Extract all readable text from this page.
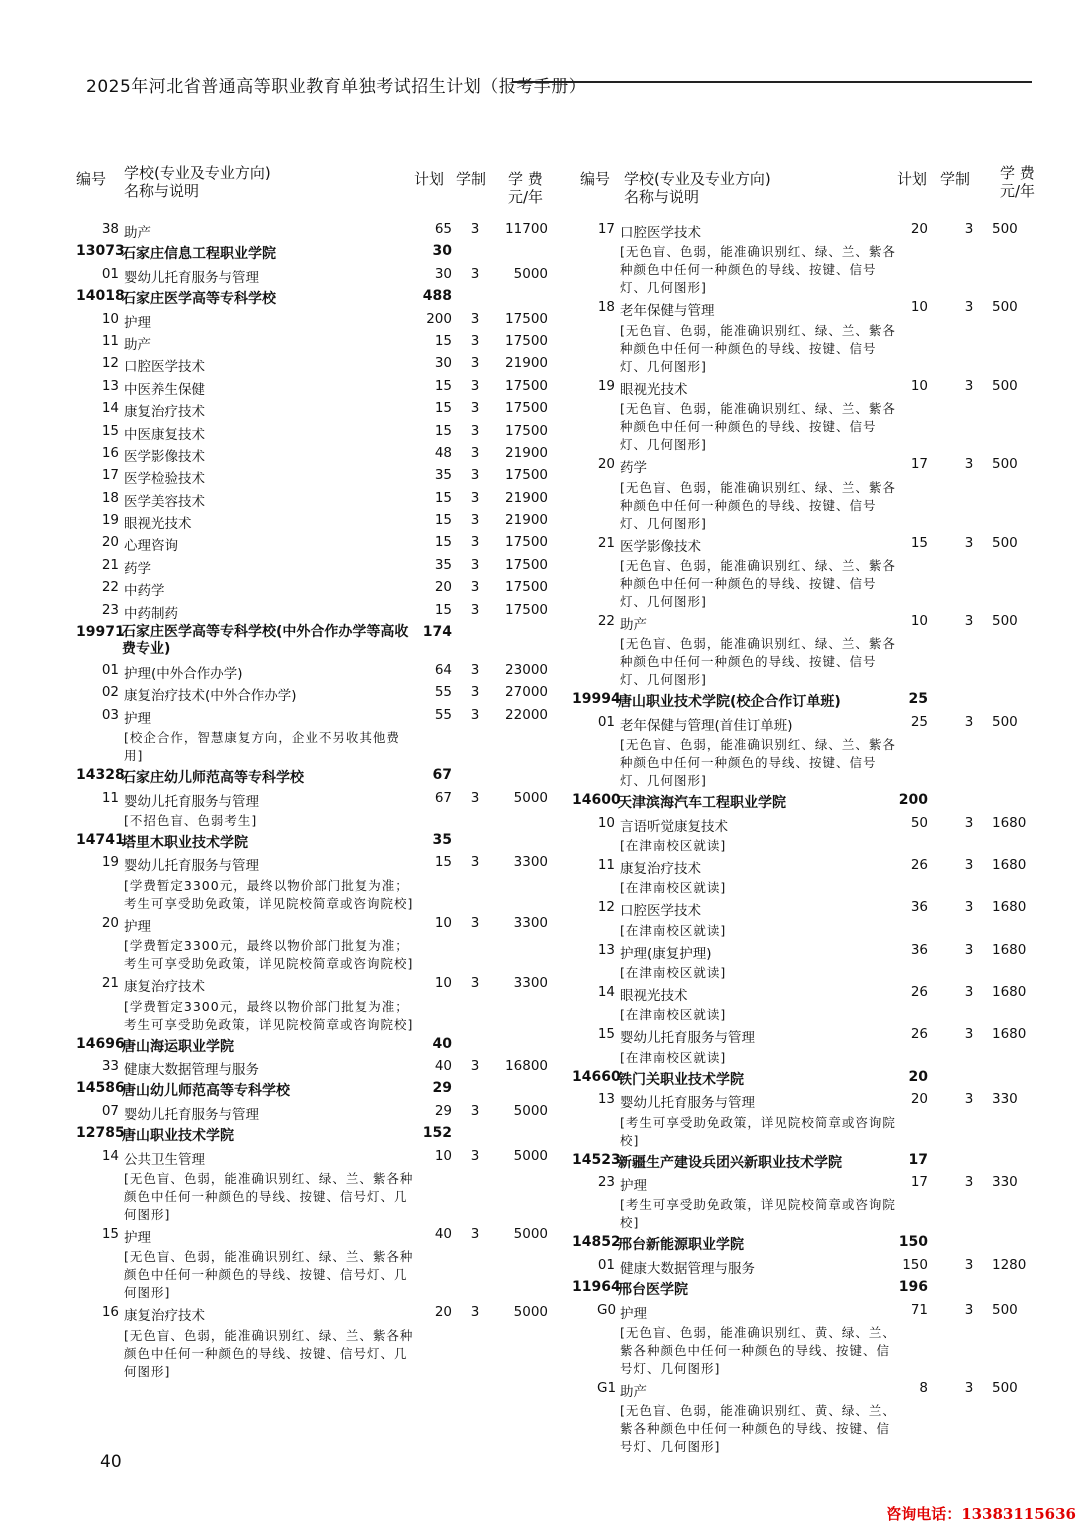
2025年河北省普通高等职业教育单独考试招生计划（报考手册）
编号 学校(专业及专业方向)
名称与说明
计划 学制 学 费
元/年
38 助产	65 3	11700
13073
石家庄信息工程职业学院	30
01 婴幼儿托育服务与管理	30 3	5000
14018
石家庄医学高等专科学校	488
10 护理	200 3	17500
11 助产	15 3	17500
12 口腔医学技术	30 3	21900
13 中医养生保健	15 3	17500
14 康复治疗技术	15 3	17500
15 中医康复技术	15 3	17500
16 医学影像技术	48 3	21900
17 医学检验技术	35 3	17500
18 医学美容技术	15 3	21900
19 眼视光技术	15 3	21900
20 心理咨询	15 3	17500
21 药学	35 3	17500
22 中药学	20 3	17500
23 中药制药	15 3	17500
19971
石家庄医学高等专科学校(中外合作办学等高收费专业)
174
01 护理(中外合作办学)	64 3	23000
02 康复治疗技术(中外合作办学)	55 3	27000
03 护理	55 3	22000
[校企合作，智慧康复方向，企业不另收其他费用]
14328
石家庄幼儿师范高等专科学校	67
11 婴幼儿托育服务与管理	67 3	5000
[不招色盲、色弱考生]
14741
塔里木职业技术学院	35
19 婴幼儿托育服务与管理	15 3	3300
[学费暂定3300元，最终以物价部门批复为准；考生可享受助免政策，详见院校简章或咨询院校]
20 护理	10 3	3300
[学费暂定3300元，最终以物价部门批复为准；考生可享受助免政策，详见院校简章或咨询院校]
21 康复治疗技术	10 3	3300
[学费暂定3300元，最终以物价部门批复为准；考生可享受助免政策，详见院校简章或咨询院校]
14696
唐山海运职业学院	40
33 健康大数据管理与服务	40 3	16800
14586
唐山幼儿师范高等专科学校	29
07 婴幼儿托育服务与管理	29 3	5000
12785
唐山职业技术学院	152
14 公共卫生管理	10 3	5000
[无色盲、色弱，能准确识别红、绿、兰、紫各种颜色中任何一种颜色的导线、按键、信号灯、几何图形]
15 护理	40 3	5000
[无色盲、色弱，能准确识别红、绿、兰、紫各种颜色中任何一种颜色的导线、按键、信号灯、几何图形]
16 康复治疗技术	20 3	5000
[无色盲、色弱，能准确识别红、绿、兰、紫各种颜色中任何一种颜色的导线、按键、信号灯、几何图形]
编号 学校(专业及专业方向)
名称与说明
计划 学制 学 费
元/年
17 口腔医学技术	20	3 500
[无色盲、色弱，能准确识别红、绿、兰、紫各种颜色中任何一种颜色的导线、按键、信号灯、几何图形]
18 老年保健与管理	10	3 500
[无色盲、色弱，能准确识别红、绿、兰、紫各种颜色中任何一种颜色的导线、按键、信号灯、几何图形]
19 眼视光技术	10	3 500
[无色盲、色弱，能准确识别红、绿、兰、紫各种颜色中任何一种颜色的导线、按键、信号灯、几何图形]
20 药学	17	3 500
[无色盲、色弱，能准确识别红、绿、兰、紫各种颜色中任何一种颜色的导线、按键、信号灯、几何图形]
21 医学影像技术	15	3 500
[无色盲、色弱，能准确识别红、绿、兰、紫各种颜色中任何一种颜色的导线、按键、信号灯、几何图形]
22 助产	10	3 500
[无色盲、色弱，能准确识别红、绿、兰、紫各种颜色中任何一种颜色的导线、按键、信号灯、几何图形]
19994
唐山职业技术学院(校企合作订单班)	25
01 老年保健与管理(首佳订单班)	25	3 500
[无色盲、色弱，能准确识别红、绿、兰、紫各种颜色中任何一种颜色的导线、按键、信号灯、几何图形]
14600
天津滨海汽车工程职业学院	200
10 言语听觉康复技术	50	3 1680
[在津南校区就读]
11 康复治疗技术	26	3 1680
[在津南校区就读]
12 口腔医学技术	36	3 1680
[在津南校区就读]
13 护理(康复护理)	36	3 1680
[在津南校区就读]
14 眼视光技术	26	3 1680
[在津南校区就读]
15 婴幼儿托育服务与管理	26	3 1680
[在津南校区就读]
14660
铁门关职业技术学院	20
13 婴幼儿托育服务与管理	20	3 330
[考生可享受助免政策，详见院校简章或咨询院校]
14523
新疆生产建设兵团兴新职业技术学院	17
23 护理	17	3 330
[考生可享受助免政策，详见院校简章或咨询院校]
14852
邢台新能源职业学院	150
01 健康大数据管理与服务	150	3 1280
11964
邢台医学院	196
G0 护理	71	3 500
[无色盲、色弱，能准确识别红、黄、绿、兰、紫各种颜色中任何一种颜色的导线、按键、信号灯、几何图形]
G1 助产	8	3 500
[无色盲、色弱，能准确识别红、黄、绿、兰、紫各种颜色中任何一种颜色的导线、按键、信号灯、几何图形]
40
咨询电话：13383115636
